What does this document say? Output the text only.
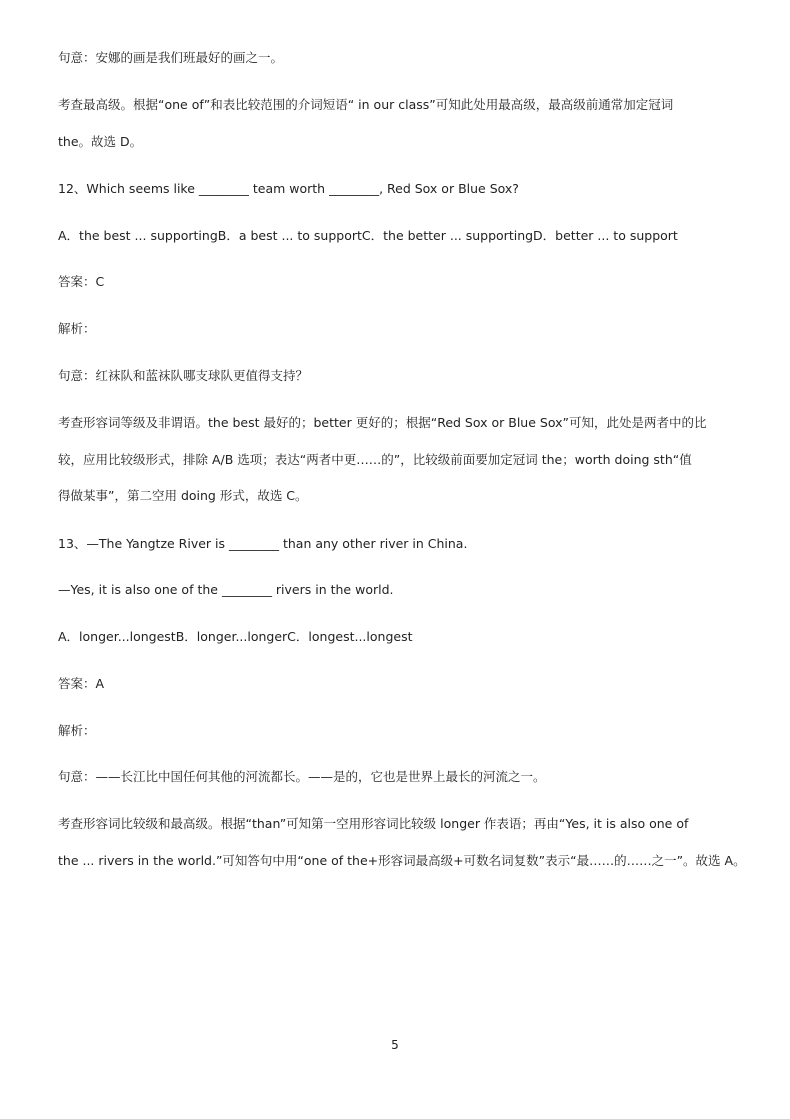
句意：安娜的画是我们班最好的画之一。
考查最高级。根据“one of”和表比较范围的介词短语“ in our class”可知此处用最高级，最高级前通常加定冠词
the。故选 D。
12、Which seems like ________ team worth ________, Red Sox or Blue Sox?
A．the best ... supportingB．a best ... to supportC．the better ... supportingD．better ... to support
答案：C
解析：
句意：红袜队和蓝袜队哪支球队更值得支持？
考查形容词等级及非谓语。the best 最好的；better 更好的；根据“Red Sox or Blue Sox”可知，此处是两者中的比
较，应用比较级形式，排除 A/B 选项；表达“两者中更……的”，比较级前面要加定冠词 the；worth doing sth“值
得做某事”，第二空用 doing 形式，故选 C。
13、—The Yangtze River is ________ than any other river in China.
—Yes, it is also one of the ________ rivers in the world.
A．longer...longestB．longer...longerC．longest...longest
答案：A
解析：
句意：——长江比中国任何其他的河流都长。——是的，它也是世界上最长的河流之一。
考查形容词比较级和最高级。根据“than”可知第一空用形容词比较级 longer 作表语；再由“Yes, it is also one of
the ... rivers in the world.”可知答句中用“one of the+形容词最高级+可数名词复数”表示“最……的……之一”。故选 A。
5
